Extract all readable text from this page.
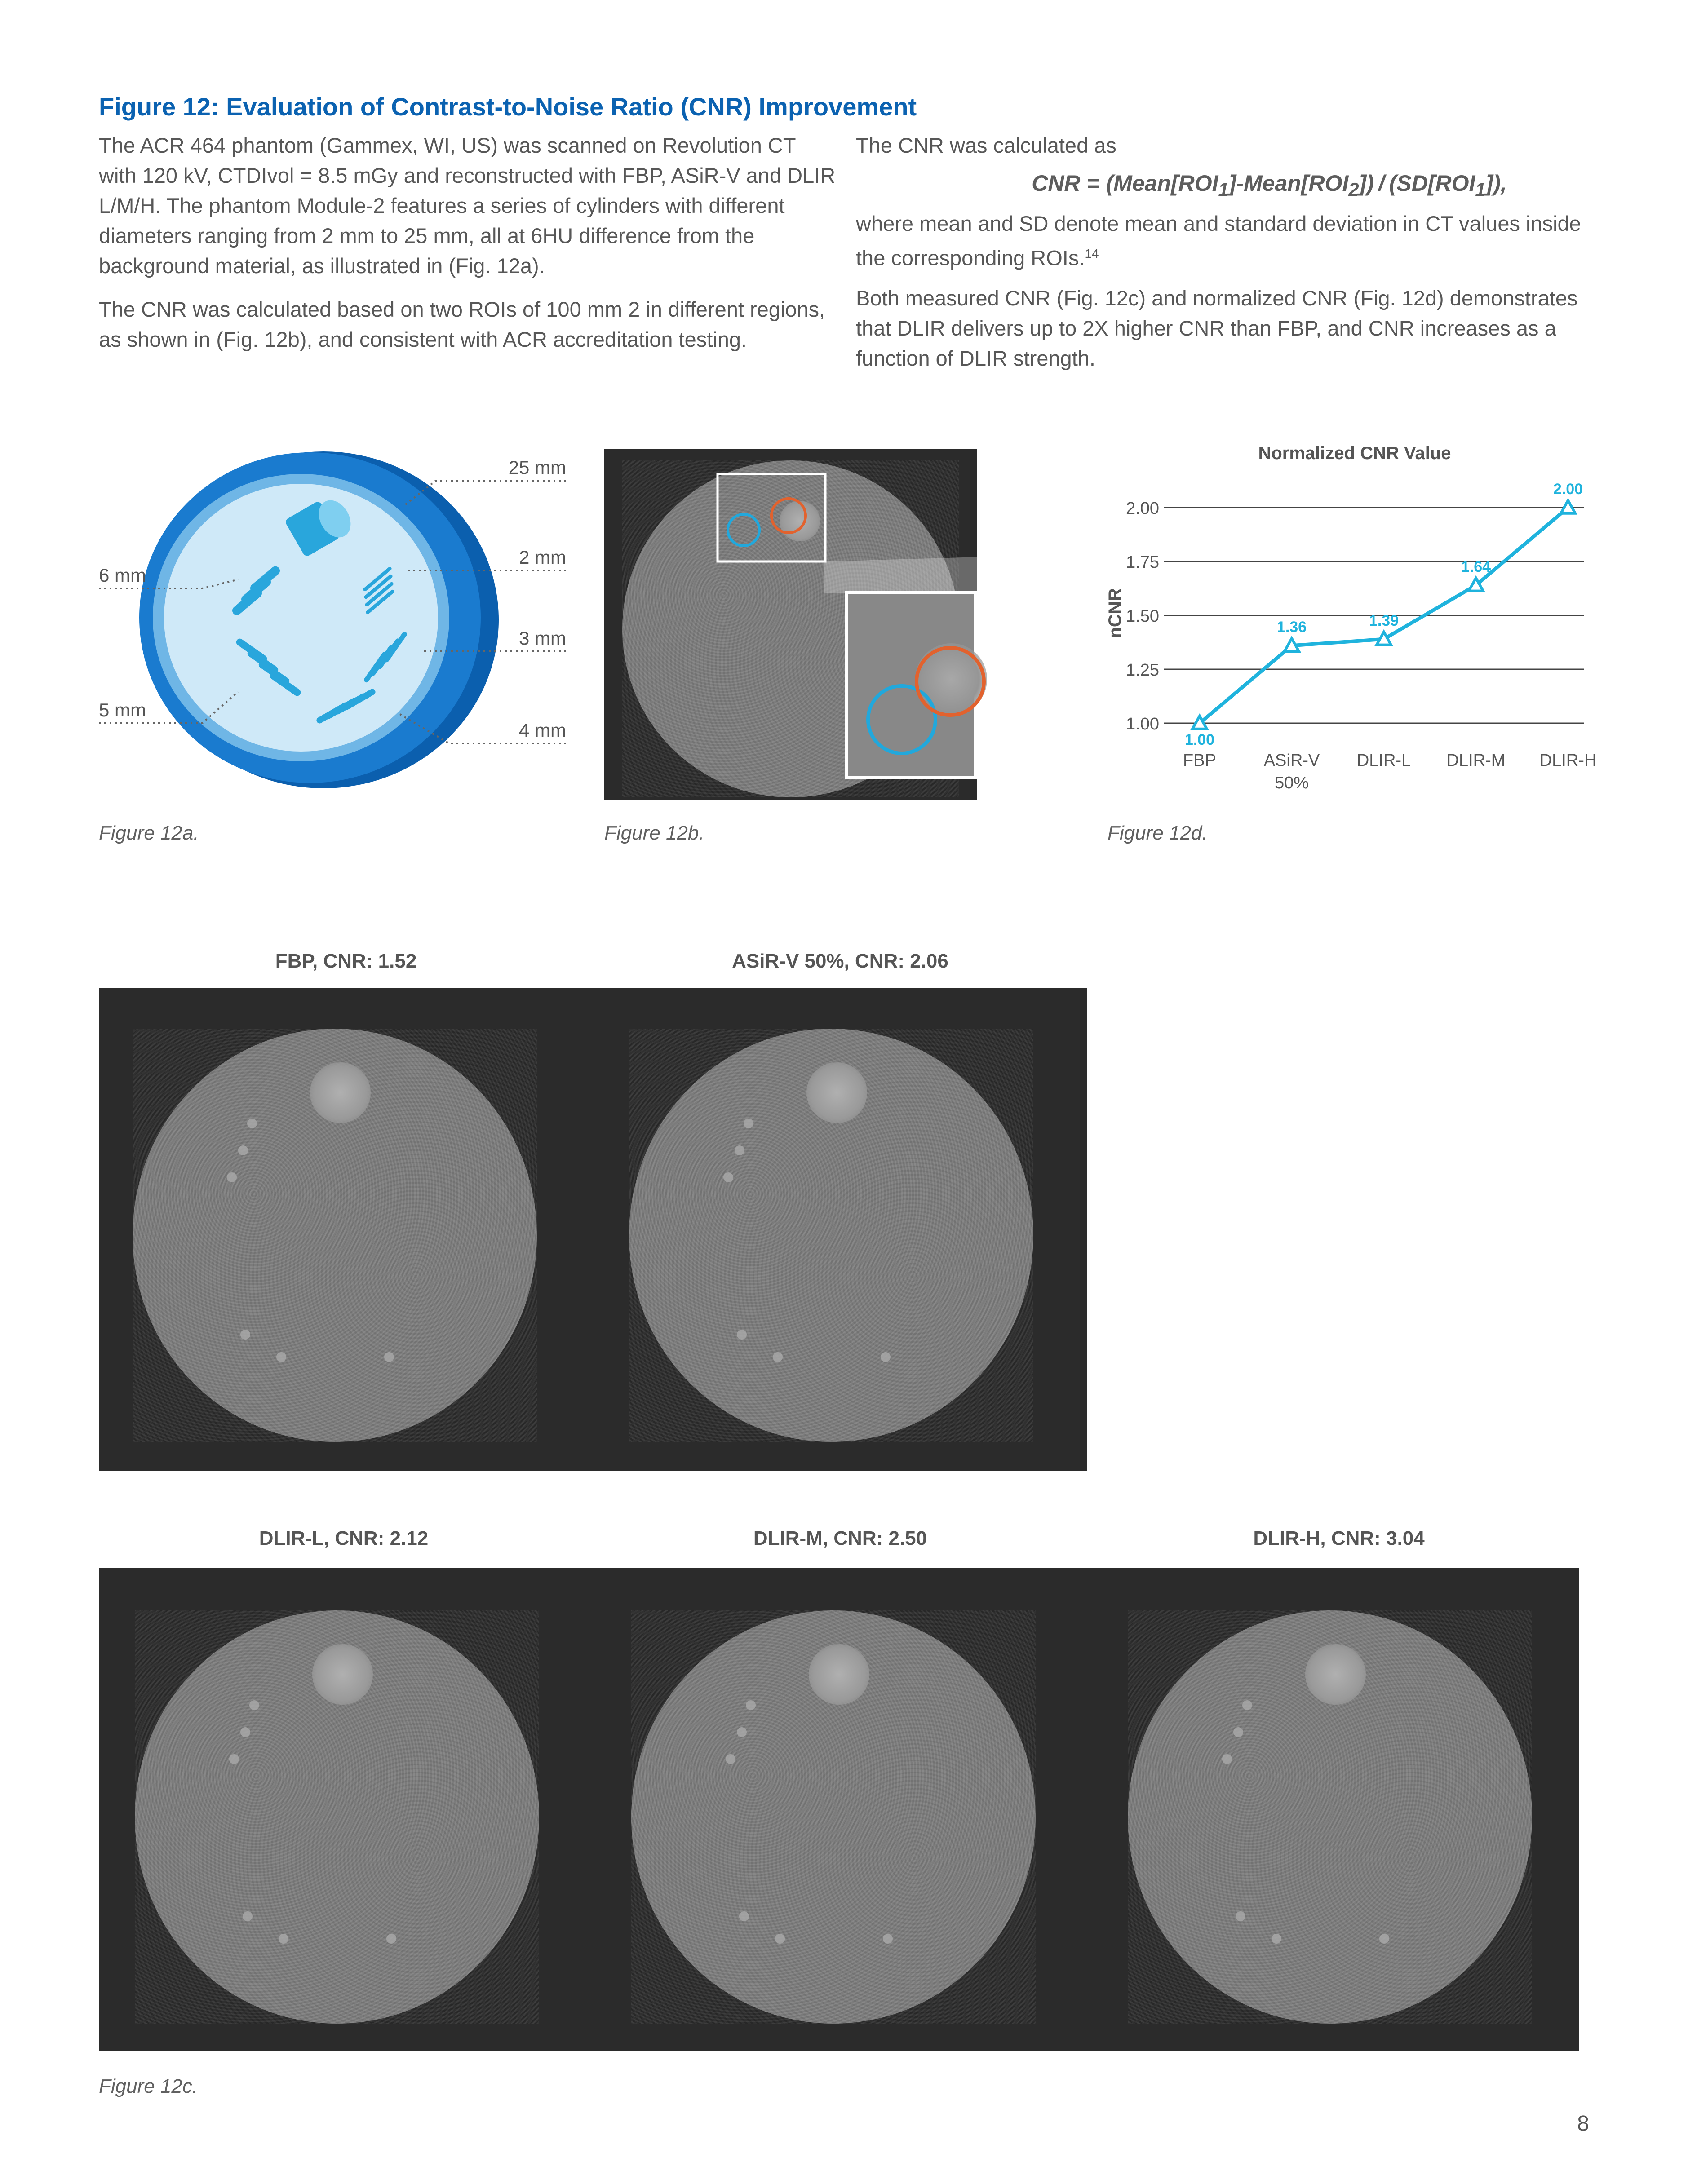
Figure 12: Evaluation of Contrast-to-Noise Ratio (CNR) Improvement

The ACR 464 phantom (Gammex, WI, US) was scanned on Revolution CT with 120 kV, CTDIvol = 8.5 mGy and reconstructed with FBP, ASiR-V and DLIR L/M/H. The phantom Module-2 features a series of cylinders with different diameters ranging from 2 mm to 25 mm, all at 6HU difference from the background material, as illustrated in (Fig. 12a).

The CNR was calculated based on two ROIs of 100 mm 2 in different regions, as shown in (Fig. 12b), and consistent with ACR accreditation testing.

The CNR was calculated as

CNR = $(Mean[ROI_1]-Mean[ROI_2]) / (SD[ROI_1])$,

where mean and SD denote mean and standard deviation in CT values inside the corresponding ROIs.$^{14}$

Both measured CNR (Fig. 12c) and normalized CNR (Fig. 12d) demonstrates that DLIR delivers up to 2X higher CNR than FBP, and CNR increases as a function of DLIR strength.

25 mm
2 mm
3 mm
4 mm
6 mm
5 mm
Figure 12a.	Figure 12b.
Normalized CNR Value
nCNR
1.00
1.25
1.50
1.75
2.00
FBP	ASiR-V 50%
DLIR-L DLIR-M DLIR-H
1.00
1.36	1.39
1.64
2.00
Figure 12d.
FBP, CNR: 1.52	ASiR-V 50%, CNR: 2.06
DLIR-L, CNR: 2.12	DLIR-M, CNR: 2.50	DLIR-H, CNR: 3.04
Figure 12c.
8
